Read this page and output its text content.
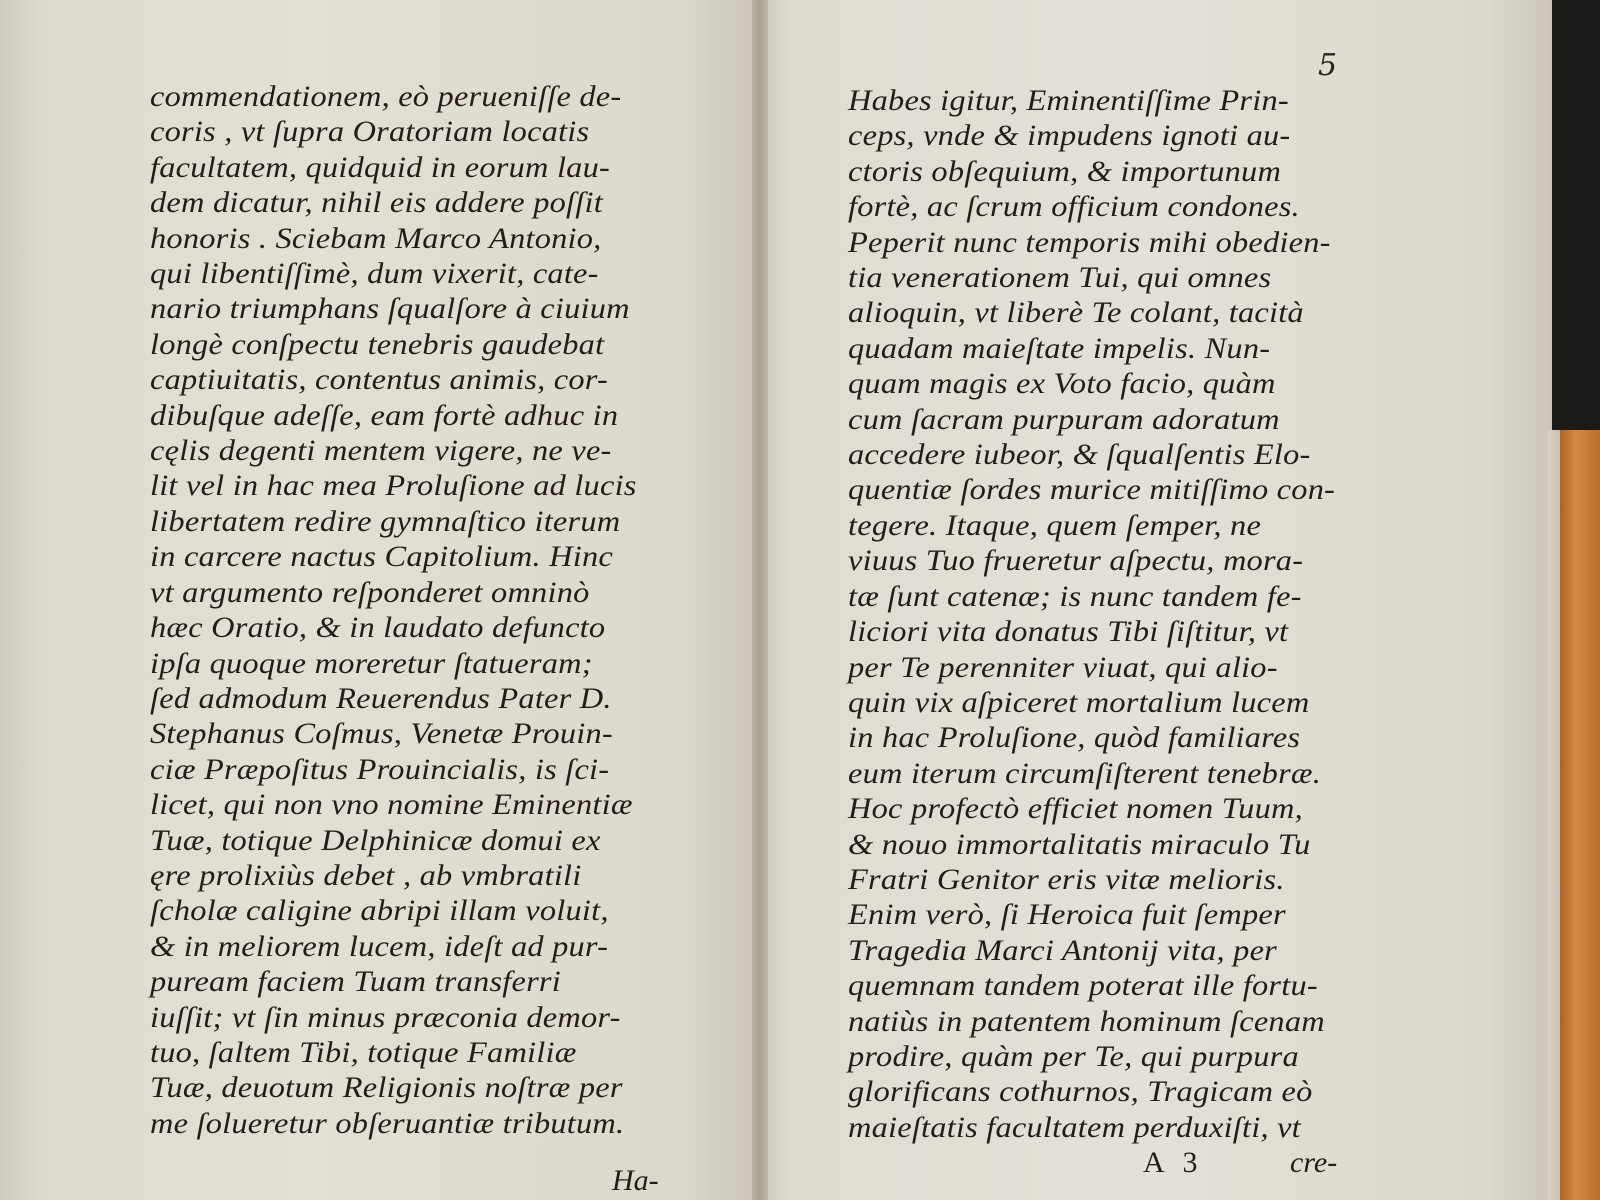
commendationem, eò perueniſſe de-
coris , vt ſupra Oratoriam locatis
facultatem, quidquid in eorum lau-
dem dicatur, nihil eis addere poſſit
honoris . Sciebam Marco Antonio,
qui libentiſſimè, dum vixerit, cate-
nario triumphans ſqualſore à ciuium
longè conſpectu tenebris gaudebat
captiuitatis, contentus animis, cor-
dibuſque adeſſe, eam fortè adhuc in
cęlis degenti mentem vigere, ne ve-
lit vel in hac mea Proluſione ad lucis
libertatem redire gymnaſtico iterum
in carcere nactus Capitolium. Hinc
vt argumento reſponderet omninò
hæc Oratio, & in laudato defuncto
ipſa quoque moreretur ſtatueram;
ſed admodum Reuerendus Pater D.
Stephanus Coſmus, Venetæ Prouin-
ciæ Præpoſitus Prouincialis, is ſci-
licet, qui non vno nomine Eminentiæ
Tuæ, totique Delphinicæ domui ex
ęre prolixiùs debet , ab vmbratili
ſcholæ caligine abripi illam voluit,
& in meliorem lucem, ideſt ad pur-
puream faciem Tuam transferri
iuſſit; vt ſin minus præconia demor-
tuo, ſaltem Tibi, totique Familiæ
Tuæ, deuotum Religionis noſtræ per
me ſolueretur obſeruantiæ tributum.
Ha-
5
Habes igitur, Eminentiſſime Prin-
ceps, vnde & impudens ignoti au-
ctoris obſequium, & importunum
fortè, ac ſcrum officium condones.
Peperit nunc temporis mihi obedien-
tia venerationem Tui, qui omnes
alioquin, vt liberè Te colant, tacità
quadam maieſtate impelis. Nun-
quam magis ex Voto facio, quàm
cum ſacram purpuram adoratum
accedere iubeor, & ſqualſentis Elo-
quentiæ ſordes murice mitiſſimo con-
tegere. Itaque, quem ſemper, ne
viuus Tuo frueretur aſpectu, mora-
tæ ſunt catenæ; is nunc tandem fe-
liciori vita donatus Tibi ſiſtitur, vt
per Te perenniter viuat, qui alio-
quin vix aſpiceret mortalium lucem
in hac Proluſione, quòd familiares
eum iterum circumſiſterent tenebræ.
Hoc profectò efficiet nomen Tuum,
& nouo immortalitatis miraculo Tu
Fratri Genitor eris vitæ melioris.
Enim verò, ſi Heroica fuit ſemper
Tragedia Marci Antonij vita, per
quemnam tandem poterat ille fortu-
natiùs in patentem hominum ſcenam
prodire, quàm per Te, qui purpura
glorificans cothurnos, Tragicam eò
maieſtatis facultatem perduxiſti, vt
A 3	cre-
